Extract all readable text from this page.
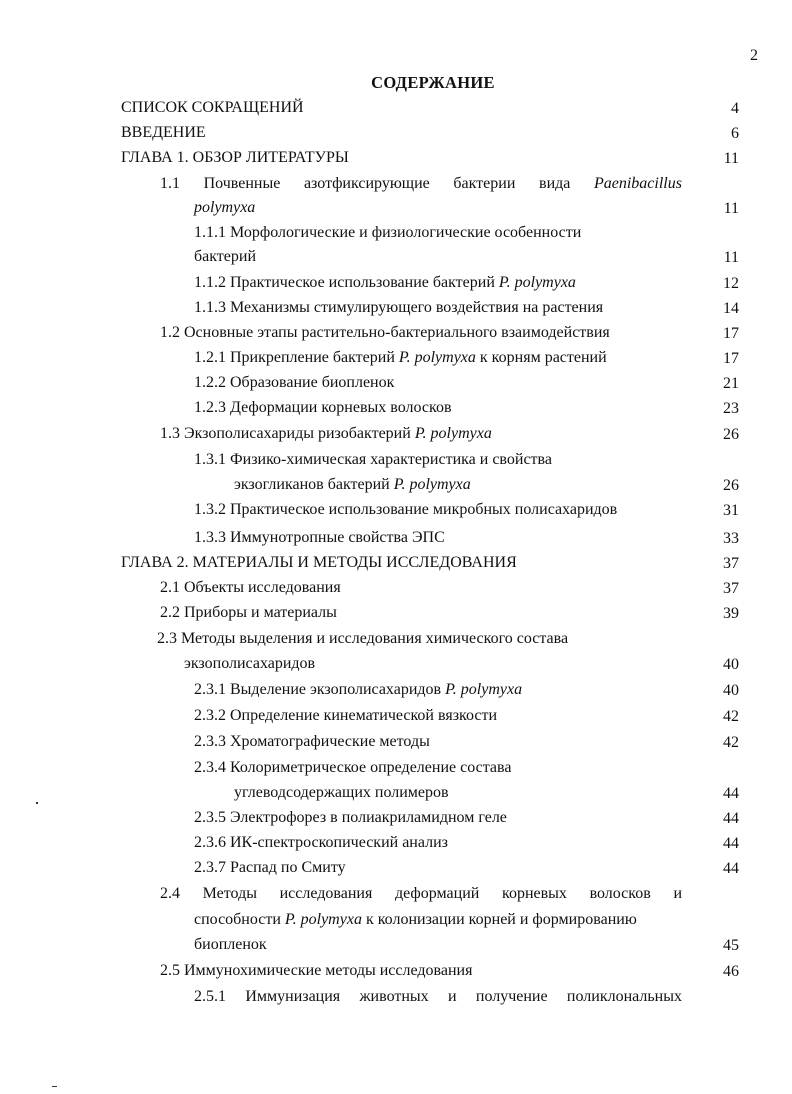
2
СОДЕРЖАНИЕ
СПИСОК СОКРАЩЕНИЙ	4
ВВЕДЕНИЕ	6
ГЛАВА 1. ОБЗОР ЛИТЕРАТУРЫ	11
1.1 Почвенные азотфиксирующие бактерии вида Paenibacillus
polymyxa	11
1.1.1 Морфологические и физиологические особенности
бактерий	11
1.1.2 Практическое использование бактерий P. polymyxa	12
1.1.3 Механизмы стимулирующего воздействия на растения	14
1.2 Основные этапы растительно-бактериального взаимодействия	17
1.2.1 Прикрепление бактерий P. polymyxa к корням растений	17
1.2.2 Образование биопленок	21
1.2.3 Деформации корневых волосков	23
1.3 Экзополисахариды ризобактерий P. polymyxa	26
1.3.1 Физико-химическая характеристика и свойства
экзогликанов бактерий P. polymyxa	26
1.3.2 Практическое использование микробных полисахаридов	31
1.3.3 Иммунотропные свойства ЭПС	33
ГЛАВА 2. МАТЕРИАЛЫ И МЕТОДЫ ИССЛЕДОВАНИЯ	37
2.1 Объекты исследования	37
2.2 Приборы и материалы	39
2.3 Методы выделения и исследования химического состава
экзополисахаридов	40
2.3.1 Выделение экзополисахаридов P. polymyxa	40
2.3.2 Определение кинематической вязкости	42
2.3.3 Хроматографические методы	42
2.3.4 Колориметрическое определение состава
углеводсодержащих полимеров	44
2.3.5 Электрофорез в полиакриламидном геле	44
2.3.6 ИК-спектроскопический анализ	44
2.3.7 Распад по Смиту	44
2.4 Методы исследования деформаций корневых волосков и
способности P. polymyxa к колонизации корней и формированию
биопленок	45
2.5 Иммунохимические методы исследования	46
2.5.1 Иммунизация животных и получение поликлональных
